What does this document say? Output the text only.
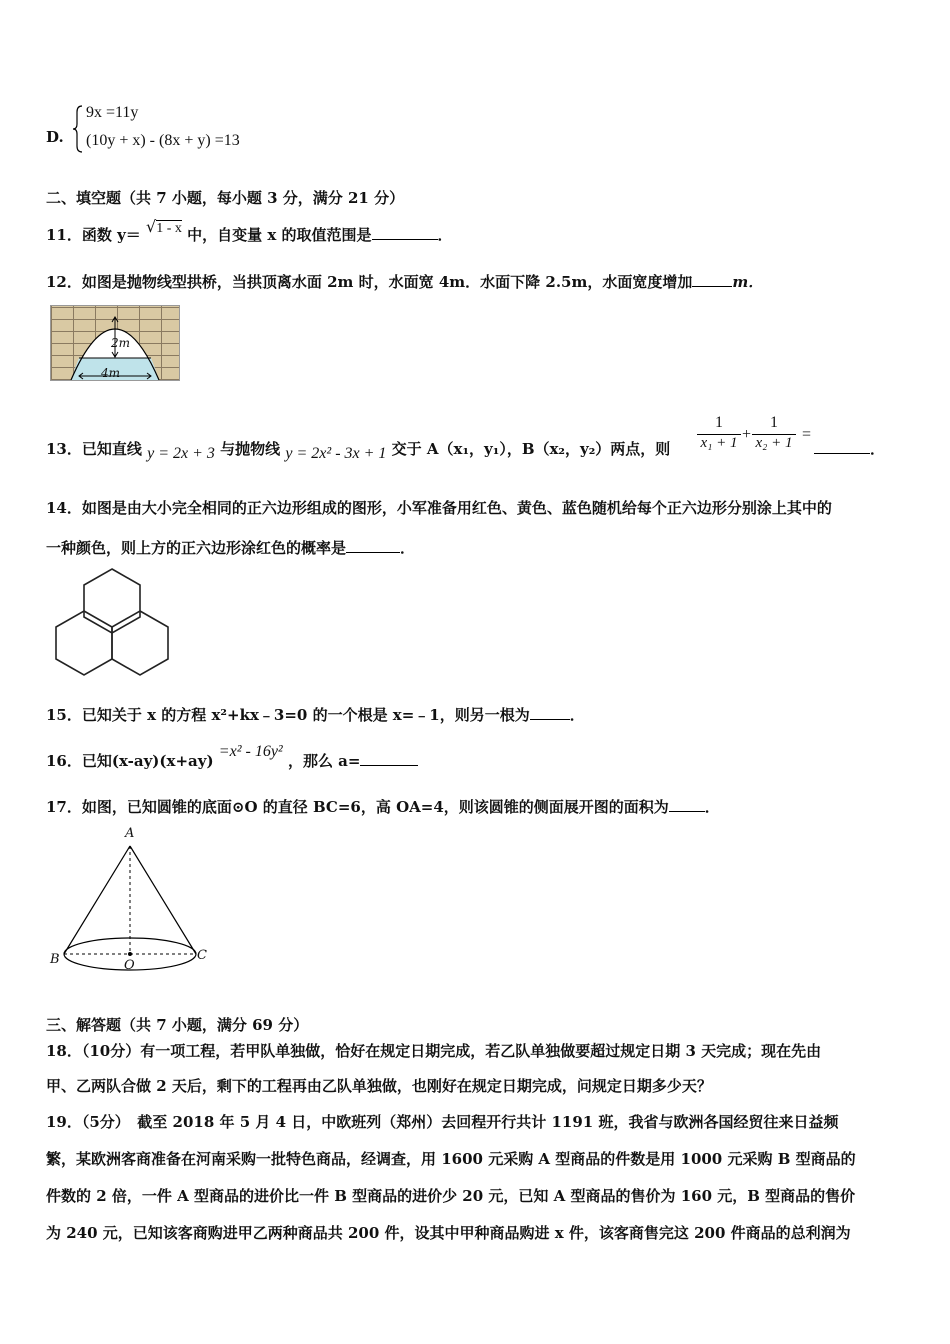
D.
9x =11y
(10y + x) - (8x + y) =13
二、填空题（共 7 小题，每小题 3 分，满分 21 分）
11．函数 y＝ √1 - x 中，自变量 x 的取值范围是	．
12．如图是抛物线型拱桥，当拱顶离水面 2m 时，水面宽 4m．水面下降 2.5m，水面宽度增加	m．
2m
4m
13．已知直线 y = 2x + 3 与抛物线 y = 2x² - 3x + 1 交于 A（x₁，y₁），B（x₂，y₂）两点，则 $\frac{1}{\text{x₁ + 1}} + \frac{1}{\text{x₂ + 1}}$ =
．
14．如图是由大小完全相同的正六边形组成的图形，小军准备用红色、黄色、蓝色随机给每个正六边形分别涂上其中的
一种颜色，则上方的正六边形涂红色的概率是	．
15．已知关于 x 的方程 x²+kx﹣3=0 的一个根是 x=﹣1，则另一根为	．
16．已知(x-ay)(x+ay) =x² - 16y² ，那么 a=
17．如图，已知圆锥的底面⊙O 的直径 BC=6，高 OA=4，则该圆锥的侧面展开图的面积为 ．
A
B	C
O
三、解答题（共 7 小题，满分 69 分）
18．（10分）有一项工程，若甲队单独做，恰好在规定日期完成，若乙队单独做要超过规定日期 3 天完成；现在先由
甲、乙两队合做 2 天后，剩下的工程再由乙队单独做，也刚好在规定日期完成，问规定日期多少天？
19．（5分）　截至 2018 年 5 月 4 日，中欧班列（郑州）去回程开行共计 1191 班，我省与欧洲各国经贸往来日益频
繁，某欧洲客商准备在河南采购一批特色商品，经调查，用 1600 元采购 A 型商品的件数是用 1000 元采购 B 型商品的
件数的 2 倍，一件 A 型商品的进价比一件 B 型商品的进价少 20 元，已知 A 型商品的售价为 160 元，B 型商品的售价
为 240 元，已知该客商购进甲乙两种商品共 200 件，设其中甲种商品购进 x 件，该客商售完这 200 件商品的总利润为
